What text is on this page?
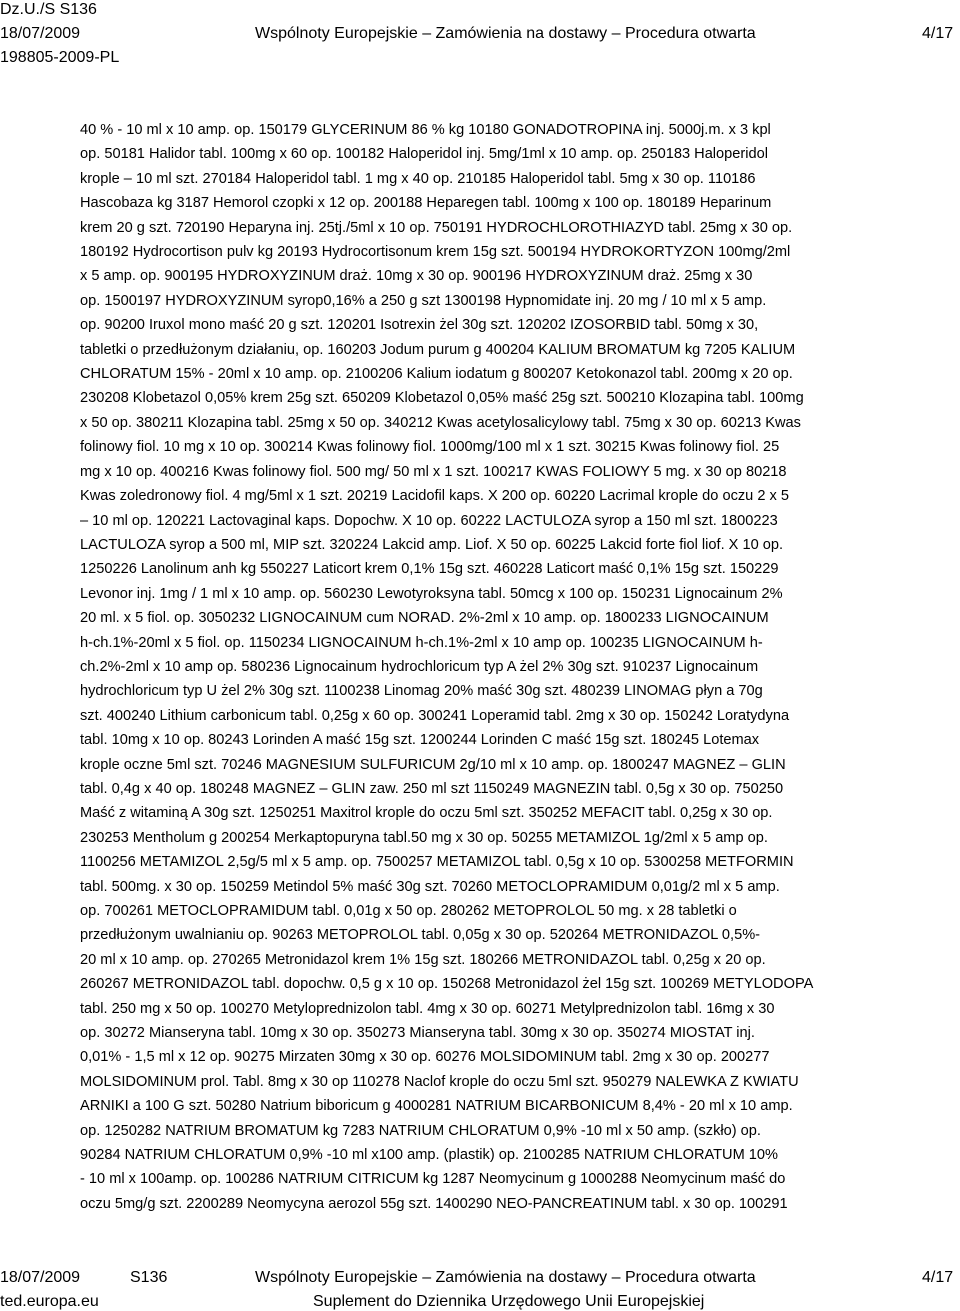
Dz.U./S S136
18/07/2009	Wspólnoty Europejskie – Zamówienia na dostawy – Procedura otwarta	4/17
198805-2009-PL

40 % - 10 ml x 10 amp. op. 150179 GLYCERINUM 86 % kg 10180 GONADOTROPINA inj. 5000j.m. x 3 kpl

op. 50181 Halidor tabl. 100mg x 60 op. 100182 Haloperidol inj. 5mg/1ml x 10 amp. op. 250183 Haloperidol

krople – 10 ml szt. 270184 Haloperidol tabl. 1 mg x 40 op. 210185 Haloperidol tabl. 5mg x 30 op. 110186

Hascobaza kg 3187 Hemorol czopki x 12 op. 200188 Heparegen tabl. 100mg x 100 op. 180189 Heparinum

krem 20 g szt. 720190 Heparyna inj. 25tj./5ml x 10 op. 750191 HYDROCHLOROTHIAZYD tabl. 25mg x 30 op.

180192 Hydrocortison pulv kg 20193 Hydrocortisonum krem 15g szt. 500194 HYDROKORTYZON 100mg/2ml

x 5 amp. op. 900195 HYDROXYZINUM draż. 10mg x 30 op. 900196 HYDROXYZINUM draż. 25mg x 30

op. 1500197 HYDROXYZINUM syrop0,16% a 250 g szt 1300198 Hypnomidate inj. 20 mg / 10 ml x 5 amp.

op. 90200 Iruxol mono maść 20 g szt. 120201 Isotrexin żel 30g szt. 120202 IZOSORBID tabl. 50mg x 30,

tabletki o przedłużonym działaniu, op. 160203 Jodum purum g 400204 KALIUM BROMATUM kg 7205 KALIUM

CHLORATUM 15% - 20ml x 10 amp. op. 2100206 Kalium iodatum g 800207 Ketokonazol tabl. 200mg x 20 op.

230208 Klobetazol 0,05% krem 25g szt. 650209 Klobetazol 0,05% maść 25g szt. 500210 Klozapina tabl. 100mg

x 50 op. 380211 Klozapina tabl. 25mg x 50 op. 340212 Kwas acetylosalicylowy tabl. 75mg x 30 op. 60213 Kwas

folinowy fiol. 10 mg x 10 op. 300214 Kwas folinowy fiol. 1000mg/100 ml x 1 szt. 30215 Kwas folinowy fiol. 25

mg x 10 op. 400216 Kwas folinowy fiol. 500 mg/ 50 ml x 1 szt. 100217 KWAS FOLIOWY 5 mg. x 30 op 80218

Kwas zoledronowy fiol. 4 mg/5ml x 1 szt. 20219 Lacidofil kaps. X 200 op. 60220 Lacrimal krople do oczu 2 x 5

– 10 ml op. 120221 Lactovaginal kaps. Dopochw. X 10 op. 60222 LACTULOZA syrop a 150 ml szt. 1800223

LACTULOZA syrop a 500 ml, MIP szt. 320224 Lakcid amp. Liof. X 50 op. 60225 Lakcid forte fiol liof. X 10 op.

1250226 Lanolinum anh kg 550227 Laticort krem 0,1% 15g szt. 460228 Laticort maść 0,1% 15g szt. 150229

Levonor inj. 1mg / 1 ml x 10 amp. op. 560230 Lewotyroksyna tabl. 50mcg x 100 op. 150231 Lignocainum 2%

20 ml. x 5 fiol. op. 3050232 LIGNOCAINUM cum NORAD. 2%-2ml x 10 amp. op. 1800233 LIGNOCAINUM

h-ch.1%-20ml x 5 fiol. op. 1150234 LIGNOCAINUM h-ch.1%-2ml x 10 amp op. 100235 LIGNOCAINUM h-

ch.2%-2ml x 10 amp op. 580236 Lignocainum hydrochloricum typ A żel 2% 30g szt. 910237 Lignocainum

hydrochloricum typ U żel 2% 30g szt. 1100238 Linomag 20% maść 30g szt. 480239 LINOMAG płyn a 70g

szt. 400240 Lithium carbonicum tabl. 0,25g x 60 op. 300241 Loperamid tabl. 2mg x 30 op. 150242 Loratydyna

tabl. 10mg x 10 op. 80243 Lorinden A maść 15g szt. 1200244 Lorinden C maść 15g szt. 180245 Lotemax

krople oczne 5ml szt. 70246 MAGNESIUM SULFURICUM 2g/10 ml x 10 amp. op. 1800247 MAGNEZ – GLIN

tabl. 0,4g x 40 op. 180248 MAGNEZ – GLIN zaw. 250 ml szt 1150249 MAGNEZIN tabl. 0,5g x 30 op. 750250

Maść z witaminą A 30g szt. 1250251 Maxitrol krople do oczu 5ml szt. 350252 MEFACIT tabl. 0,25g x 30 op.

230253 Mentholum g 200254 Merkaptopuryna tabl.50 mg x 30 op. 50255 METAMIZOL 1g/2ml x 5 amp op.

1100256 METAMIZOL 2,5g/5 ml x 5 amp. op. 7500257 METAMIZOL tabl. 0,5g x 10 op. 5300258 METFORMIN

tabl. 500mg. x 30 op. 150259 Metindol 5% maść 30g szt. 70260 METOCLOPRAMIDUM 0,01g/2 ml x 5 amp.

op. 700261 METOCLOPRAMIDUM tabl. 0,01g x 50 op. 280262 METOPROLOL 50 mg. x 28 tabletki o

przedłużonym uwalnianiu op. 90263 METOPROLOL tabl. 0,05g x 30 op. 520264 METRONIDAZOL 0,5%-

20 ml x 10 amp. op. 270265 Metronidazol krem 1% 15g szt. 180266 METRONIDAZOL tabl. 0,25g x 20 op.

260267 METRONIDAZOL tabl. dopochw. 0,5 g x 10 op. 150268 Metronidazol żel 15g szt. 100269 METYLODOPA

tabl. 250 mg x 50 op. 100270 Metyloprednizolon tabl. 4mg x 30 op. 60271 Metylprednizolon tabl. 16mg x 30

op. 30272 Mianseryna tabl. 10mg x 30 op. 350273 Mianseryna tabl. 30mg x 30 op. 350274 MIOSTAT inj.

0,01% - 1,5 ml x 12 op. 90275 Mirzaten 30mg x 30 op. 60276 MOLSIDOMINUM tabl. 2mg x 30 op. 200277

MOLSIDOMINUM prol. Tabl. 8mg x 30 op 110278 Naclof krople do oczu 5ml szt. 950279 NALEWKA Z KWIATU

ARNIKI a 100 G szt. 50280 Natrium biboricum g 4000281 NATRIUM BICARBONICUM 8,4% - 20 ml x 10 amp.

op. 1250282 NATRIUM BROMATUM kg 7283 NATRIUM CHLORATUM 0,9% -10 ml x 50 amp. (szkło) op.

90284 NATRIUM CHLORATUM 0,9% -10 ml x100 amp. (plastik) op. 2100285 NATRIUM CHLORATUM 10%

- 10 ml x 100amp. op. 100286 NATRIUM CITRICUM kg 1287 Neomycinum g 1000288 Neomycinum maść do

oczu 5mg/g szt. 2200289 Neomycyna aerozol 55g szt. 1400290 NEO-PANCREATINUM tabl. x 30 op. 100291

18/07/2009	S136	Wspólnoty Europejskie – Zamówienia na dostawy – Procedura otwarta	4/17
ted.europa.eu	Suplement do Dziennika Urzędowego Unii Europejskiej
